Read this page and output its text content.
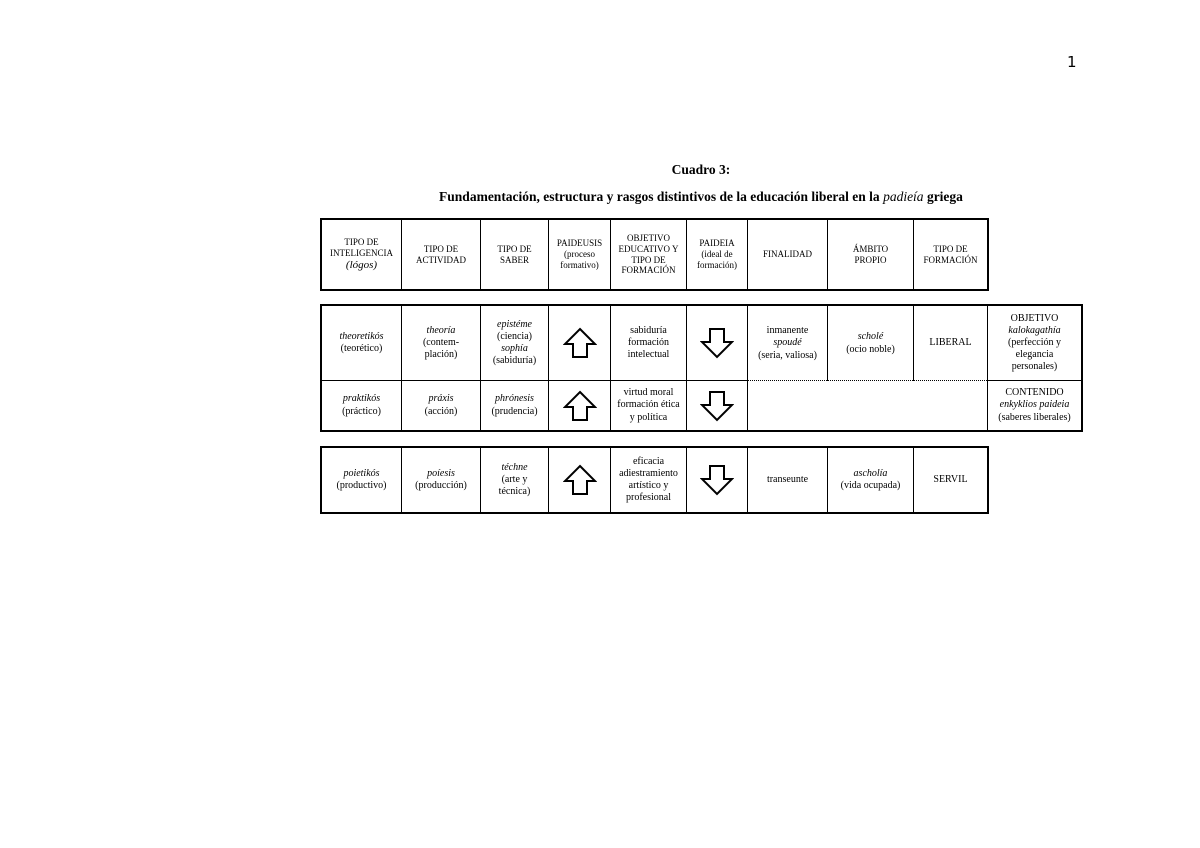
1
Cuadro 3:
Fundamentación, estructura y rasgos distintivos de la educación liberal en la padieía griega
TIPO DE
INTELIGENCIA
(lógos)
TIPO DE
ACTIVIDAD
TIPO DE
SABER
PAIDEUSIS
(proceso
formativo)
OBJETIVO
EDUCATIVO Y
TIPO DE
FORMACIÓN
PAIDEIA
(ideal de
formación)
FINALIDAD
ÁMBITO
PROPIO
TIPO DE
FORMACIÓN
theoretikós
(teorético)
theoría
(contem-
plación)
epistéme
(ciencia)
sophía
(sabiduría)
sabiduría
formación
intelectual
inmanente
spoudé
(seria, valiosa)
scholé
(ocio noble)
LIBERAL
OBJETIVO
kalokagathía
(perfección y
elegancia
personales)
praktikós
(práctico)
práxis
(acción)
phrónesis
(prudencia)
virtud moral
formación ética
y política
CONTENIDO
enkyklios paideia
(saberes liberales)
poietikós
(productivo)
poíesis
(producción)
téchne
(arte y
técnica)
eficacia
adiestramiento
artístico y
profesional
transeunte
ascholía
(vida ocupada)
SERVIL
